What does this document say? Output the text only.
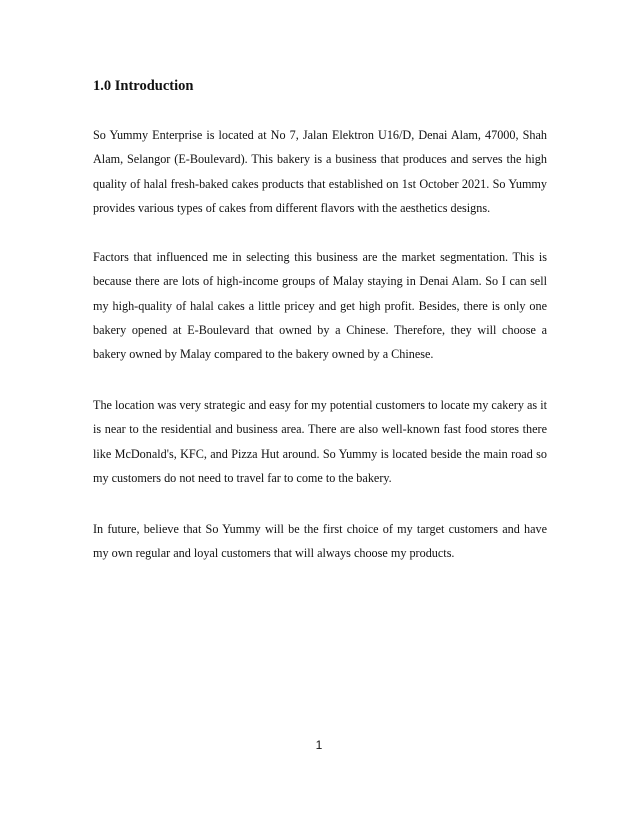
1.0 Introduction

So Yummy Enterprise is located at No 7, Jalan Elektron U16/D, Denai Alam, 47000, Shah Alam, Selangor (E-Boulevard). This bakery is a business that produces and serves the high quality of halal fresh-baked cakes products that established on 1st October 2021. So Yummy provides various types of cakes from different flavors with the aesthetics designs.

Factors that influenced me in selecting this business are the market segmentation. This is because there are lots of high-income groups of Malay staying in Denai Alam. So I can sell my high-quality of halal cakes a little pricey and get high profit. Besides, there is only one bakery opened at E-Boulevard that owned by a Chinese. Therefore, they will choose a bakery owned by Malay compared to the bakery owned by a Chinese.

The location was very strategic and easy for my potential customers to locate my cakery as it is near to the residential and business area. There are also well-known fast food stores there like McDonald's, KFC, and Pizza Hut around. So Yummy is located beside the main road so my customers do not need to travel far to come to the bakery.

In future, believe that So Yummy will be the first choice of my target customers and have my own regular and loyal customers that will always choose my products.

1
